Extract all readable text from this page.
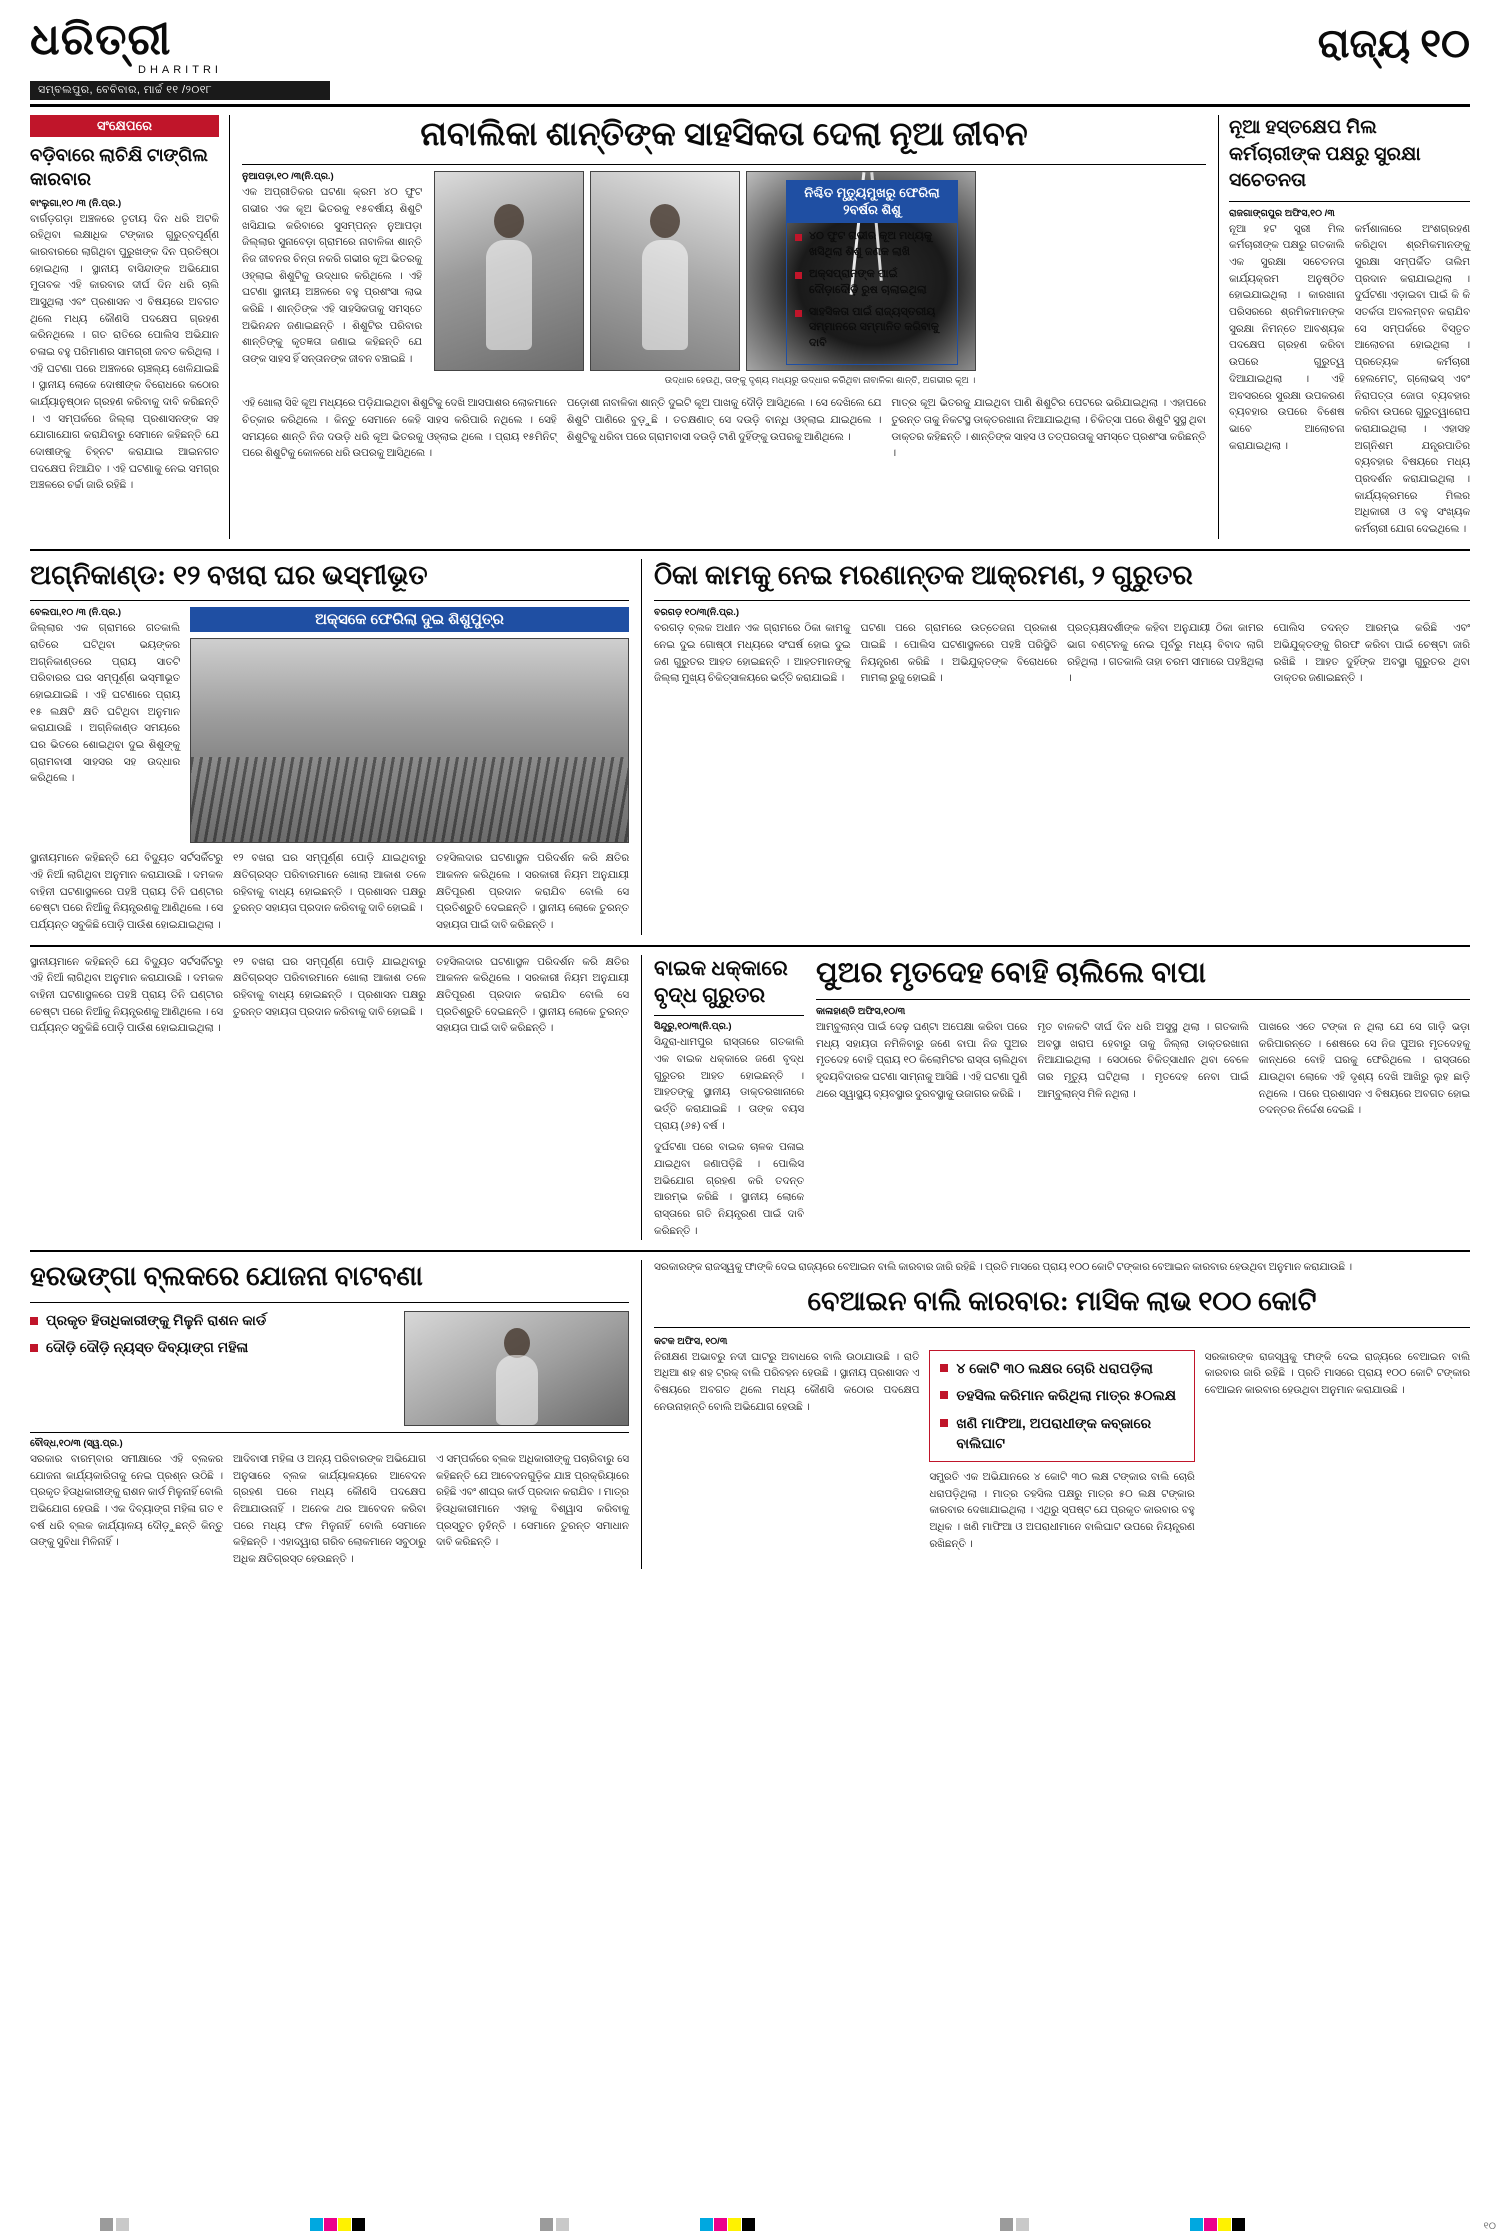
ଧରିତ୍ରୀ
DHARITRI
ସମ୍ବଲପୁର, ବେବିବାର, ମାର୍ଚ୍ଚ ୧୧ /୨୦୧୮
ରାଜ୍ୟ ୧୦
ସଂକ୍ଷେପରେ
ବଡ଼ିବାରେ ଲାଚିକ୍ଷି ଟାଙ୍ଗିଲ କାରବାର
ବାଂଲୁଗା,୧୦ /୩ (ନି.ପ୍ର.)
ବାର୍ଗଡ଼ଗଡ଼ା ଅଞ୍ଚଳରେ ତୃତୀୟ ଦିନ ଧରି ଅଟକି ରହିଥିବା ଲକ୍ଷାଧିକ ଟଙ୍କାର ଗୁରୁତ୍ବପୂର୍ଣ୍ଣ କାରବାରରେ ଲାଗିଥିବା ପୁରୁଖଙ୍କ ଦିନ ପ୍ରତିଷ୍ଠା ହୋଇଥିଲା । ସ୍ଥାନୀୟ ବାସିନ୍ଦାଙ୍କ ଅଭିଯୋଗ ମୁତାବକ ଏହି କାରବାର ଦୀର୍ଘ ଦିନ ଧରି ଚାଲି ଆସୁଥିଲା ଏବଂ ପ୍ରଶାସନ ଏ ବିଷୟରେ ଅବଗତ ଥିଲେ ମଧ୍ୟ କୌଣସି ପଦକ୍ଷେପ ଗ୍ରହଣ କରିନଥିଲେ । ଗତ ରାତିରେ ପୋଲିସ ଅଭିଯାନ ଚଳାଇ ବହୁ ପରିମାଣର ସାମଗ୍ରୀ ଜବତ କରିଥିଲା । ଏହି ଘଟଣା ପରେ ଅଞ୍ଚଳରେ ଚାଞ୍ଚଲ୍ୟ ଖେଳିଯାଇଛି । ସ୍ଥାନୀୟ ଲୋକେ ଦୋଷୀଙ୍କ ବିରୋଧରେ କଠୋର କାର୍ଯ୍ୟାନୁଷ୍ଠାନ ଗ୍ରହଣ କରିବାକୁ ଦାବି କରିଛନ୍ତି । ଏ ସମ୍ପର୍କରେ ଜିଲ୍ଲା ପ୍ରଶାସନଙ୍କ ସହ ଯୋଗାଯୋଗ କରାଯିବାରୁ ସେମାନେ କହିଛନ୍ତି ଯେ ଦୋଷୀଙ୍କୁ ଚିହ୍ନଟ କରାଯାଇ ଆଇନଗତ ପଦକ୍ଷେପ ନିଆଯିବ । ଏହି ଘଟଣାକୁ ନେଇ ସମଗ୍ର ଅଞ୍ଚଳରେ ଚର୍ଚ୍ଚା ଜାରି ରହିଛି ।
ନାବାଲିକା ଶାନ୍ତିଙ୍କ ସାହସିକତା ଦେଲା ନୂଆ ଜୀବନ
ନୁଆପଡ଼ା,୧୦ /୩(ନି.ପ୍ର.)
ଏକ ଅପ୍ରୀତିକର ଘଟଣା କ୍ରମ ୪୦ ଫୁଟ ଗଭୀର ଏକ କୂଅ ଭିତରକୁ ୧୫ବର୍ଷୀୟ ଶିଶୁଟି ଖସିଯାଇ କରିବାରେ ସୁସମ୍ପନ୍ନ ନୁଆପଡ଼ା ଜିଲ୍ଲାର ସୁନାବେଡ଼ା ଗ୍ରାମରେ ନାବାଳିକା ଶାନ୍ତି ନିଜ ଜୀବନର ଚିନ୍ତା ନକରି ଗଭୀର କୂଅ ଭିତରକୁ ଓହ୍ଲାଇ ଶିଶୁଟିକୁ ଉଦ୍ଧାର କରିଥିଲେ । ଏହି ଘଟଣା ସ୍ଥାନୀୟ ଅଞ୍ଚଳରେ ବହୁ ପ୍ରଶଂସା ଲାଭ କରିଛି । ଶାନ୍ତିଙ୍କ ଏହି ସାହସିକତାକୁ ସମସ୍ତେ ଅଭିନନ୍ଦନ ଜଣାଇଛନ୍ତି । ଶିଶୁଟିର ପରିବାର ଶାନ୍ତିଙ୍କୁ କୃତଜ୍ଞତା ଜଣାଇ କହିଛନ୍ତି ଯେ ତାଙ୍କ ସାହସ ହିଁ ସନ୍ତାନଙ୍କ ଜୀବନ ବଞ୍ଚାଇଛି ।
ଉଦ୍ଧାର ହେଉଥି, ତାଙ୍କୁ ଦୃଶ୍ୟ ମଧ୍ୟରୁ ଉଦ୍ଧାର କରିଥିବା ନାବାଳିକା ଶାନ୍ତି, ଅଗଭୀର କୂଅ ।
ଏହି ଖୋଲା ସିଝି କୂଅ ମଧ୍ୟରେ ପଡ଼ିଯାଇଥିବା ଶିଶୁଟିକୁ ଦେଖି ଆସପାଶର ଲୋକମାନେ ଚିତ୍କାର କରିଥିଲେ । କିନ୍ତୁ ସେମାନେ କେହି ସାହସ କରିପାରି ନଥିଲେ । ସେହି ସମୟରେ ଶାନ୍ତି ନିଜ ଦଉଡ଼ି ଧରି କୂଅ ଭିତରକୁ ଓହ୍ଲାଇ ଥିଲେ । ପ୍ରାୟ ୧୫ମିନିଟ୍ ପରେ ଶିଶୁଟିକୁ କୋଳରେ ଧରି ଉପରକୁ ଆସିଥିଲେ ।
ପଡ଼ୋଶୀ ନାବାଳିକା ଶାନ୍ତି ଦୁଇଟି କୂଅ ପାଖକୁ ଦୌଡ଼ି ଆସିଥିଲେ । ସେ ଦେଖିଲେ ଯେ ଶିଶୁଟି ପାଣିରେ ବୁଡ଼ୁଛି । ତତକ୍ଷଣାତ୍ ସେ ଦଉଡ଼ି ବାନ୍ଧି ଓହ୍ଲାଇ ଯାଇଥିଲେ । ଶିଶୁଟିକୁ ଧରିବା ପରେ ଗ୍ରାମବାସୀ ଦଉଡ଼ି ଟାଣି ଦୁହିଁଙ୍କୁ ଉପରକୁ ଆଣିଥିଲେ ।
ମାତ୍ର କୂଅ ଭିତରକୁ ଯାଇଥିବା ପାଣି ଶିଶୁଟିର ପେଟରେ ଭରିଯାଇଥିଲା । ଏହାପରେ ତୁରନ୍ତ ତାକୁ ନିକଟସ୍ଥ ଡାକ୍ତରଖାନା ନିଆଯାଇଥିଲା । ଚିକିତ୍ସା ପରେ ଶିଶୁଟି ସୁସ୍ଥ ଥିବା ଡାକ୍ତର କହିଛନ୍ତି । ଶାନ୍ତିଙ୍କ ସାହସ ଓ ତତ୍ପରତାକୁ ସମସ୍ତେ ପ୍ରଶଂସା କରିଛନ୍ତି ।
ନୂଆ ହସ୍ତକ୍ଷେପ ମିଲ କର୍ମଚାରୀଙ୍କ ପକ୍ଷରୁ ସୁରକ୍ଷା ସଚେତନତା
ରାଜଗାଙ୍ଗପୁର ଅଫିସ,୧୦ /୩
ନୂଆ ହଟ ସ୍ତ୍ରୀ ମିଲ କର୍ମଚାରୀଙ୍କ ପକ୍ଷରୁ ଗତକାଲି ଏକ ସୁରକ୍ଷା ସଚେତନତା କାର୍ଯ୍ୟକ୍ରମ ଅନୁଷ୍ଠିତ ହୋଇଯାଇଥିଲା । କାରଖାନା ପରିସରରେ ଶ୍ରମିକମାନଙ୍କ ସୁରକ୍ଷା ନିମନ୍ତେ ଆବଶ୍ୟକ ପଦକ୍ଷେପ ଗ୍ରହଣ କରିବା ଉପରେ ଗୁରୁତ୍ୱ ଦିଆଯାଇଥିଲା । ଏହି ଅବସରରେ ସୁରକ୍ଷା ଉପକରଣ ବ୍ୟବହାର ଉପରେ ବିଶେଷ ଭାବେ ଆଲୋଚନା କରାଯାଇଥିଲା ।
କର୍ମଶାଳାରେ ଅଂଶଗ୍ରହଣ କରିଥିବା ଶ୍ରମିକମାନଙ୍କୁ ସୁରକ୍ଷା ସମ୍ପର୍କିତ ତାଲିମ ପ୍ରଦାନ କରାଯାଇଥିଲା । ଦୁର୍ଘଟଣା ଏଡ଼ାଇବା ପାଇଁ କି କି ସତର୍କତା ଅବଲମ୍ବନ କରାଯିବ ସେ ସମ୍ପର୍କରେ ବିସ୍ତୃତ ଆଲୋଚନା ହୋଇଥିଲା । ପ୍ରତ୍ୟେକ କର୍ମଚାରୀ ହେଲମେଟ୍, ଗ୍ଲୋଭସ୍ ଏବଂ ନିରାପତ୍ତା ଜୋତା ବ୍ୟବହାର କରିବା ଉପରେ ଗୁରୁତ୍ୱାରୋପ କରାଯାଇଥିଲା । ଏହାସହ ଅଗ୍ନିଶମ ଯନ୍ତ୍ରପାତିର ବ୍ୟବହାର ବିଷୟରେ ମଧ୍ୟ ପ୍ରଦର୍ଶନ କରାଯାଇଥିଲା । କାର୍ଯ୍ୟକ୍ରମରେ ମିଲର ଅଧିକାରୀ ଓ ବହୁ ସଂଖ୍ୟକ କର୍ମଚାରୀ ଯୋଗ ଦେଇଥିଲେ ।
ନିଶ୍ଚିତ ମୃତ୍ୟୁମୁଖରୁ ଫେରିଲା ୨ବର୍ଷର ଶିଶୁ
୪୦ ଫୁଟ ଗଭୀର କୂଅ ମଧ୍ୟକୁ ଖସିଥିଲା ଶିଶୁ ଜଣକ ଲାଖି
ଅକ୍ସପ୍ରାନଙ୍କ ପାଇଁ ଦୌଡ଼ାଦୌଡ଼ି ରୁଷ ଚାଲାଇଥିଲା
ସାହସିକତା ପାଇଁ ରାଜ୍ୟସ୍ତରୀୟ ସମ୍ମାନରେ ସମ୍ମାନିତ କରିବାକୁ ଦାବି
ଅଗ୍ନିକାଣ୍ଡ: ୧୨ ବଖରା ଘର ଭସ୍ମୀଭୂତ
ବେଲପା,୧୦ /୩ (ନି.ପ୍ର.)
ଜିଲ୍ଲାର ଏକ ଗ୍ରାମରେ ଗତକାଲି ରାତିରେ ଘଟିଥିବା ଭୟଙ୍କର ଅଗ୍ନିକାଣ୍ଡରେ ପ୍ରାୟ ସାତଟି ପରିବାରର ଘର ସମ୍ପୂର୍ଣ୍ଣ ଭସ୍ମୀଭୂତ ହୋଇଯାଇଛି । ଏହି ଘଟଣାରେ ପ୍ରାୟ ୧୫ ଲକ୍ଷଟି କ୍ଷତି ଘଟିଥିବା ଅନୁମାନ କରାଯାଉଛି । ଅଗ୍ନିକାଣ୍ଡ ସମୟରେ ଘର ଭିତରେ ଶୋଇଥିବା ଦୁଇ ଶିଶୁଙ୍କୁ ଗ୍ରାମବାସୀ ସାହସର ସହ ଉଦ୍ଧାର କରିଥିଲେ ।
ଅକ୍ସକେ ଫେରିଲା ଦୁଇ ଶିଶୁପୁତ୍ର
ସ୍ଥାନୀୟମାନେ କହିଛନ୍ତି ଯେ ବିଦ୍ୟୁତ ସର୍ଟସର୍କିଟରୁ ଏହି ନିଆଁ ଲାଗିଥିବା ଅନୁମାନ କରାଯାଉଛି । ଦମକଳ ବାହିନୀ ଘଟଣାସ୍ଥଳରେ ପହଞ୍ଚି ପ୍ରାୟ ତିନି ଘଣ୍ଟାର ଚେଷ୍ଟା ପରେ ନିଆଁକୁ ନିୟନ୍ତ୍ରଣକୁ ଆଣିଥିଲେ । ସେ ପର୍ଯ୍ୟନ୍ତ ସବୁକିଛି ପୋଡ଼ି ପାଉଁଶ ହୋଇଯାଇଥିଲା ।
୧୨ ବଖରା ଘର ସମ୍ପୂର୍ଣ୍ଣ ପୋଡ଼ି ଯାଇଥିବାରୁ କ୍ଷତିଗ୍ରସ୍ତ ପରିବାରମାନେ ଖୋଲା ଆକାଶ ତଳେ ରହିବାକୁ ବାଧ୍ୟ ହୋଇଛନ୍ତି । ପ୍ରଶାସନ ପକ୍ଷରୁ ତୁରନ୍ତ ସହାୟତା ପ୍ରଦାନ କରିବାକୁ ଦାବି ହୋଇଛି ।
ତହସିଲଦାର ଘଟଣାସ୍ଥଳ ପରିଦର୍ଶନ କରି କ୍ଷତିର ଆକଳନ କରିଥିଲେ । ସରକାରୀ ନିୟମ ଅନୁଯାୟୀ କ୍ଷତିପୂରଣ ପ୍ରଦାନ କରାଯିବ ବୋଲି ସେ ପ୍ରତିଶ୍ରୁତି ଦେଇଛନ୍ତି । ସ୍ଥାନୀୟ ଲୋକେ ତୁରନ୍ତ ସହାୟତା ପାଇଁ ଦାବି କରିଛନ୍ତି ।
ଠିକା କାମକୁ ନେଇ ମରଣାନ୍ତକ ଆକ୍ରମଣ, ୨ ଗୁରୁତର
ବରଗଡ଼ ୧୦/୩(ନି.ପ୍ର.)
ବରଗଡ଼ ବ୍ଲକ ଅଧୀନ ଏକ ଗ୍ରାମରେ ଠିକା କାମକୁ ନେଇ ଦୁଇ ଗୋଷ୍ଠୀ ମଧ୍ୟରେ ସଂଘର୍ଷ ହୋଇ ଦୁଇ ଜଣ ଗୁରୁତର ଆହତ ହୋଇଛନ୍ତି । ଆହତମାନଙ୍କୁ ଜିଲ୍ଲା ମୁଖ୍ୟ ଚିକିତ୍ସାଳୟରେ ଭର୍ତ୍ତି କରାଯାଇଛି ।
ଘଟଣା ପରେ ଗ୍ରାମରେ ଉତ୍ତେଜନା ପ୍ରକାଶ ପାଇଛି । ପୋଲିସ ଘଟଣାସ୍ଥଳରେ ପହଞ୍ଚି ପରିସ୍ଥିତି ନିୟନ୍ତ୍ରଣ କରିଛି । ଅଭିଯୁକ୍ତଙ୍କ ବିରୋଧରେ ମାମଲା ରୁଜୁ ହୋଇଛି ।
ପ୍ରତ୍ୟକ୍ଷଦର୍ଶୀଙ୍କ କହିବା ଅନୁଯାୟୀ ଠିକା କାମର ଭାଗ ବଣ୍ଟନକୁ ନେଇ ପୂର୍ବରୁ ମଧ୍ୟ ବିବାଦ ଲାଗି ରହିଥିଲା । ଗତକାଲି ତାହା ଚରମ ସୀମାରେ ପହଞ୍ଚିଥିଲା ।
ପୋଲିସ ତଦନ୍ତ ଆରମ୍ଭ କରିଛି ଏବଂ ଅଭିଯୁକ୍ତଙ୍କୁ ଗିରଫ କରିବା ପାଇଁ ଚେଷ୍ଟା ଜାରି ରଖିଛି । ଆହତ ଦୁହିଁଙ୍କ ଅବସ୍ଥା ଗୁରୁତର ଥିବା ଡାକ୍ତର ଜଣାଇଛନ୍ତି ।
ସ୍ଥାନୀୟମାନେ କହିଛନ୍ତି ଯେ ବିଦ୍ୟୁତ ସର୍ଟସର୍କିଟରୁ ଏହି ନିଆଁ ଲାଗିଥିବା ଅନୁମାନ କରାଯାଉଛି । ଦମକଳ ବାହିନୀ ଘଟଣାସ୍ଥଳରେ ପହଞ୍ଚି ପ୍ରାୟ ତିନି ଘଣ୍ଟାର ଚେଷ୍ଟା ପରେ ନିଆଁକୁ ନିୟନ୍ତ୍ରଣକୁ ଆଣିଥିଲେ । ସେ ପର୍ଯ୍ୟନ୍ତ ସବୁକିଛି ପୋଡ଼ି ପାଉଁଶ ହୋଇଯାଇଥିଲା ।
୧୨ ବଖରା ଘର ସମ୍ପୂର୍ଣ୍ଣ ପୋଡ଼ି ଯାଇଥିବାରୁ କ୍ଷତିଗ୍ରସ୍ତ ପରିବାରମାନେ ଖୋଲା ଆକାଶ ତଳେ ରହିବାକୁ ବାଧ୍ୟ ହୋଇଛନ୍ତି । ପ୍ରଶାସନ ପକ୍ଷରୁ ତୁରନ୍ତ ସହାୟତା ପ୍ରଦାନ କରିବାକୁ ଦାବି ହୋଇଛି ।
ତହସିଲଦାର ଘଟଣାସ୍ଥଳ ପରିଦର୍ଶନ କରି କ୍ଷତିର ଆକଳନ କରିଥିଲେ । ସରକାରୀ ନିୟମ ଅନୁଯାୟୀ କ୍ଷତିପୂରଣ ପ୍ରଦାନ କରାଯିବ ବୋଲି ସେ ପ୍ରତିଶ୍ରୁତି ଦେଇଛନ୍ତି । ସ୍ଥାନୀୟ ଲୋକେ ତୁରନ୍ତ ସହାୟତା ପାଇଁ ଦାବି କରିଛନ୍ତି ।
ବାଇକ ଧକ୍କାରେ ବୃଦ୍ଧ ଗୁରୁତର
ସିନ୍ଦୁରୁ,୧୦/୩(ନି.ପ୍ର.)
ସିନ୍ଦୁରା-ଧାମପୁର ରାସ୍ତାରେ ଗତକାଲି ଏକ ବାଇକ ଧକ୍କାରେ ଜଣେ ବୃଦ୍ଧ ଗୁରୁତର ଆହତ ହୋଇଛନ୍ତି । ଆହତଙ୍କୁ ସ୍ଥାନୀୟ ଡାକ୍ତରଖାନାରେ ଭର୍ତ୍ତି କରାଯାଇଛି । ତାଙ୍କ ବୟସ ପ୍ରାୟ (୬୫) ବର୍ଷ ।
ଦୁର୍ଘଟଣା ପରେ ବାଇକ ଚାଳକ ପଳାଇ ଯାଇଥିବା ଜଣାପଡ଼ିଛି । ପୋଲିସ ଅଭିଯୋଗ ଗ୍ରହଣ କରି ତଦନ୍ତ ଆରମ୍ଭ କରିଛି । ସ୍ଥାନୀୟ ଲୋକେ ରାସ୍ତାରେ ଗତି ନିୟନ୍ତ୍ରଣ ପାଇଁ ଦାବି କରିଛନ୍ତି ।
ପୁଅର ମୃତଦେହ ବୋହି ଚାଲିଲେ ବାପା
କାଳାହାଣ୍ଡି ଅଫିସ,୧୦/୩
ଆମ୍ବୁଲାନ୍ସ ପାଇଁ ଦେଢ଼ ଘଣ୍ଟା ଅପେକ୍ଷା କରିବା ପରେ ମଧ୍ୟ ସହାୟତା ନମିଳିବାରୁ ଜଣେ ବାପା ନିଜ ପୁଅର ମୃତଦେହ ବୋହି ପ୍ରାୟ ୧୦ କିଲୋମିଟର ରାସ୍ତା ଚାଲିଥିବା ହୃଦୟବିଦାରକ ଘଟଣା ସାମ୍ନାକୁ ଆସିଛି । ଏହି ଘଟଣା ପୁଣି ଥରେ ସ୍ୱାସ୍ଥ୍ୟ ବ୍ୟବସ୍ଥାର ଦୁରବସ୍ଥାକୁ ଉଜାଗର କରିଛି ।
ମୃତ ବାଳକଟି ଦୀର୍ଘ ଦିନ ଧରି ଅସୁସ୍ଥ ଥିଲା । ଗତକାଲି ଅବସ୍ଥା ଖରାପ ହେବାରୁ ତାକୁ ଜିଲ୍ଲା ଡାକ୍ତରଖାନା ନିଆଯାଇଥିଲା । ସେଠାରେ ଚିକିତ୍ସାଧୀନ ଥିବା ବେଳେ ତାର ମୃତ୍ୟୁ ଘଟିଥିଲା । ମୃତଦେହ ନେବା ପାଇଁ ଆମ୍ବୁଲାନ୍ସ ମିଳି ନଥିଲା ।
ପାଖରେ ଏତେ ଟଙ୍କା ନ ଥିଲା ଯେ ସେ ଗାଡ଼ି ଭଡ଼ା କରିପାରନ୍ତେ । ଶେଷରେ ସେ ନିଜ ପୁଅର ମୃତଦେହକୁ କାନ୍ଧରେ ବୋହି ଘରକୁ ଫେରିଥିଲେ । ରାସ୍ତାରେ ଯାଉଥିବା ଲୋକେ ଏହି ଦୃଶ୍ୟ ଦେଖି ଆଖିରୁ ଲୁହ ଛାଡ଼ି ନଥିଲେ । ପରେ ପ୍ରଶାସନ ଏ ବିଷୟରେ ଅବଗତ ହୋଇ ତଦନ୍ତର ନିର୍ଦ୍ଦେଶ ଦେଇଛି ।
ହରଭଙ୍ଗା ବ୍ଲକରେ ଯୋଜନା ବାଟବଣା
ପ୍ରକୃତ ହିତାଧିକାରୀଙ୍କୁ ମିଳୁନି ରାଶନ କାର୍ଡ
ଦୌଡ଼ି ଦୌଡ଼ି ନ୍ୟସ୍ତ ଦିବ୍ୟାଙ୍ଗ ମହିଳା
ବୌଦ୍ଧ,୧୦/୩ (ସ୍ୱ.ପ୍ର.)
ସରକାର ବାରମ୍ବାର ସମୀକ୍ଷାରେ ଏହି ବ୍ଲକର ଯୋଜନା କାର୍ଯ୍ୟକାରିତାକୁ ନେଇ ପ୍ରଶ୍ନ ଉଠିଛି । ପ୍ରକୃତ ହିତାଧିକାରୀଙ୍କୁ ରାଶନ କାର୍ଡ ମିଳୁନାହିଁ ବୋଲି ଅଭିଯୋଗ ହେଉଛି । ଏକ ଦିବ୍ୟାଙ୍ଗ ମହିଳା ଗତ ୧ ବର୍ଷ ଧରି ବ୍ଲକ କାର୍ଯ୍ୟାଳୟ ଦୌଡ଼ୁଛନ୍ତି କିନ୍ତୁ ତାଙ୍କୁ ସୁବିଧା ମିଳିନାହିଁ ।
ଆଦିବାସୀ ମହିଳା ଓ ଅନ୍ୟ ପରିବାରଙ୍କ ଅଭିଯୋଗ ଅନୁସାରେ ବ୍ଲକ କାର୍ଯ୍ୟାଳୟରେ ଆବେଦନ ଗ୍ରହଣ ପରେ ମଧ୍ୟ କୌଣସି ପଦକ୍ଷେପ ନିଆଯାଉନାହିଁ । ଅନେକ ଥର ଆବେଦନ କରିବା ପରେ ମଧ୍ୟ ଫଳ ମିଳୁନାହିଁ ବୋଲି ସେମାନେ କହିଛନ୍ତି । ଏହାଦ୍ୱାରା ଗରିବ ଲୋକମାନେ ସବୁଠାରୁ ଅଧିକ କ୍ଷତିଗ୍ରସ୍ତ ହେଉଛନ୍ତି ।
ଏ ସମ୍ପର୍କରେ ବ୍ଲକ ଅଧିକାରୀଙ୍କୁ ପଚାରିବାରୁ ସେ କହିଛନ୍ତି ଯେ ଆବେଦନଗୁଡ଼ିକ ଯାଞ୍ଚ ପ୍ରକ୍ରିୟାରେ ରହିଛି ଏବଂ ଶୀଘ୍ର କାର୍ଡ ପ୍ରଦାନ କରାଯିବ । ମାତ୍ର ହିତାଧିକାରୀମାନେ ଏହାକୁ ବିଶ୍ୱାସ କରିବାକୁ ପ୍ରସ୍ତୁତ ନୁହଁନ୍ତି । ସେମାନେ ତୁରନ୍ତ ସମାଧାନ ଦାବି କରିଛନ୍ତି ।
ସରକାରଙ୍କ ରାଜସ୍ୱକୁ ଫାଙ୍କି ଦେଇ ରାଜ୍ୟରେ ବେଆଇନ ବାଲି କାରବାର ଜାରି ରହିଛି । ପ୍ରତି ମାସରେ ପ୍ରାୟ ୧୦୦ କୋଟି ଟଙ୍କାର ବେଆଇନ କାରବାର ହେଉଥିବା ଅନୁମାନ କରାଯାଉଛି ।
ବେଆଇନ ବାଲି କାରବାର: ମାସିକ ଲାଭ ୧୦୦ କୋଟି
କଟକ ଅଫିସ, ୧୦/୩
ନିରୀକ୍ଷଣ ଅଭାବରୁ ନଦୀ ଘାଟରୁ ଅବାଧରେ ବାଲି ଉଠାଯାଉଛି । ରାତି ଅଧିଆ ଶହ ଶହ ଟ୍ରକ୍ ବାଲି ପରିବହନ ହେଉଛି । ସ୍ଥାନୀୟ ପ୍ରଶାସନ ଏ ବିଷୟରେ ଅବଗତ ଥିଲେ ମଧ୍ୟ କୌଣସି କଠୋର ପଦକ୍ଷେପ ନେଉନାହାନ୍ତି ବୋଲି ଅଭିଯୋଗ ହେଉଛି ।
୪ କୋଟି ୩୦ ଲକ୍ଷର ଚୋରି ଧରାପଡ଼ିଲା
ତହସିଲ କରିମାନ କରିଥିଲା ମାତ୍ର ୫୦ଲକ୍ଷ
ଖଣି ମାଫିଆ, ଅପରାଧୀଙ୍କ କବ୍ଜାରେ ବାଲିଘାଟ
ସମ୍ପ୍ରତି ଏକ ଅଭିଯାନରେ ୪ କୋଟି ୩୦ ଲକ୍ଷ ଟଙ୍କାର ବାଲି ଚୋରି ଧରାପଡ଼ିଥିଲା । ମାତ୍ର ତହସିଲ ପକ୍ଷରୁ ମାତ୍ର ୫୦ ଲକ୍ଷ ଟଙ୍କାର କାରବାର ଦେଖାଯାଇଥିଲା । ଏଥିରୁ ସ୍ପଷ୍ଟ ଯେ ପ୍ରକୃତ କାରବାର ବହୁ ଅଧିକ । ଖଣି ମାଫିଆ ଓ ଅପରାଧୀମାନେ ବାଲିଘାଟ ଉପରେ ନିୟନ୍ତ୍ରଣ ରଖିଛନ୍ତି ।
ସରକାରଙ୍କ ରାଜସ୍ୱକୁ ଫାଙ୍କି ଦେଇ ରାଜ୍ୟରେ ବେଆଇନ ବାଲି କାରବାର ଜାରି ରହିଛି । ପ୍ରତି ମାସରେ ପ୍ରାୟ ୧୦୦ କୋଟି ଟଙ୍କାର ବେଆଇନ କାରବାର ହେଉଥିବା ଅନୁମାନ କରାଯାଉଛି ।
୧୦
